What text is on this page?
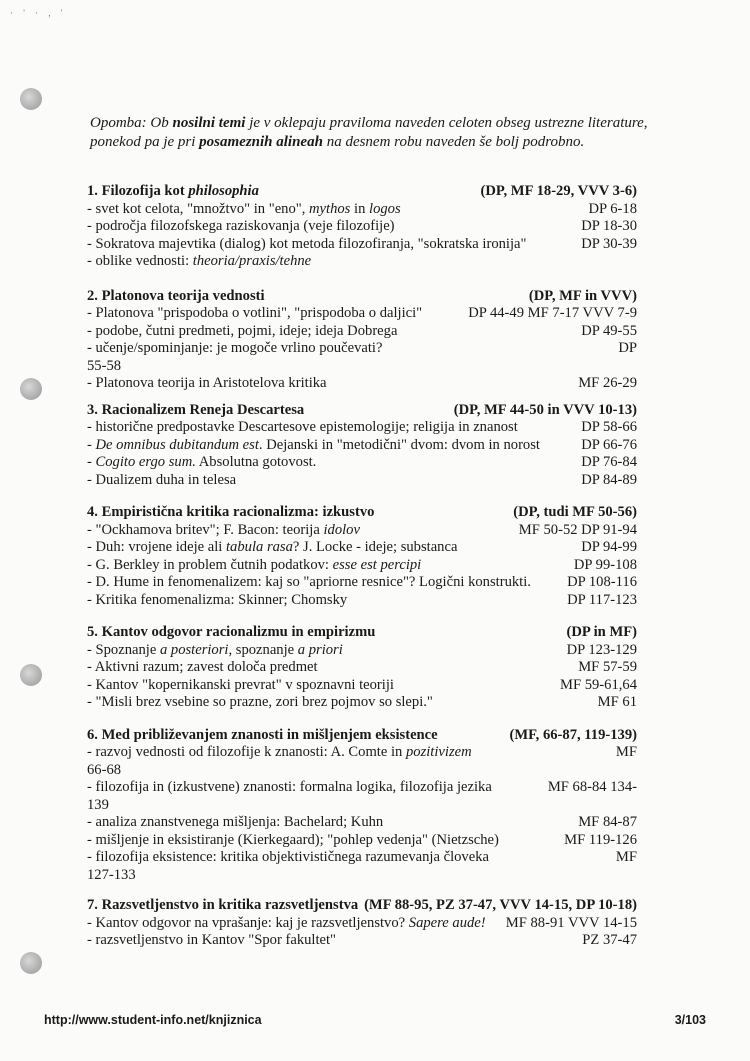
· ' · , '
Opomba: Ob nosilni temi je v oklepaju praviloma naveden celoten obseg ustrezne literature, ponekod pa je pri posameznih alineah na desnem robu naveden še bolj podrobno.
1. Filozofija kot philosophia	(DP, MF 18-29, VVV 3-6)
- svet kot celota, "množtvo" in "eno", mythos in logos	DP 6-18
- področja filozofskega raziskovanja (veje filozofije)	DP 18-30
- Sokratova majevtika (dialog) kot metoda filozofiranja, "sokratska ironija"	DP 30-39
- oblike vednosti: theoria/praxis/tehne
2. Platonova teorija vednosti	(DP, MF in VVV)
- Platonova "prispodoba o votlini", "prispodoba o daljici"	DP 44-49 MF 7-17 VVV 7-9
- podobe, čutni predmeti, pojmi, ideje; ideja Dobrega	DP 49-55
- učenje/spominjanje: je mogoče vrlino poučevati?	DP
55-58
- Platonova teorija in Aristotelova kritika	MF 26-29
3. Racionalizem Reneja Descartesa	(DP, MF 44-50 in VVV 10-13)
- historične predpostavke Descartesove epistemologije; religija in znanost	DP 58-66
- De omnibus dubitandum est. Dejanski in "metodični" dvom: dvom in norost	DP 66-76
- Cogito ergo sum. Absolutna gotovost.	DP 76-84
- Dualizem duha in telesa	DP 84-89
4. Empiristična kritika racionalizma: izkustvo	(DP, tudi MF 50-56)
- "Ockhamova britev"; F. Bacon: teorija idolov	MF 50-52 DP 91-94
- Duh: vrojene ideje ali tabula rasa? J. Locke - ideje; substanca	DP 94-99
- G. Berkley in problem čutnih podatkov: esse est percipi	DP 99-108
- D. Hume in fenomenalizem: kaj so "apriorne resnice"? Logični konstrukti. DP 108-116
- Kritika fenomenalizma: Skinner; Chomsky	DP 117-123
5. Kantov odgovor racionalizmu in empirizmu	(DP in MF)
- Spoznanje a posteriori, spoznanje a priori	DP 123-129
- Aktivni razum; zavest določa predmet	MF 57-59
- Kantov "kopernikanski prevrat" v spoznavni teoriji	MF 59-61,64
- "Misli brez vsebine so prazne, zori brez pojmov so slepi."	MF 61
6. Med približevanjem znanosti in mišljenjem eksistence	(MF, 66-87, 119-139)
- razvoj vednosti od filozofije k znanosti: A. Comte in pozitivizem	MF
66-68
- filozofija in (izkustvene) znanosti: formalna logika, filozofija jezika	MF 68-84 134-
139
- analiza znanstvenega mišljenja: Bachelard; Kuhn	MF 84-87
- mišljenje in eksistiranje (Kierkegaard); "pohlep vedenja" (Nietzsche)	MF 119-126
- filozofija eksistence: kritika objektivističnega razumevanja človeka	MF
127-133
7. Razsvetljenstvo in kritika razsvetljenstva (MF 88-95, PZ 37-47, VVV 14-15, DP 10-18)
- Kantov odgovor na vprašanje: kaj je razsvetljenstvo? Sapere aude! MF 88-91 VVV 14-15
- razsvetljenstvo in Kantov "Spor fakultet"	PZ 37-47
http://www.student-info.net/knjiznica	3/103
